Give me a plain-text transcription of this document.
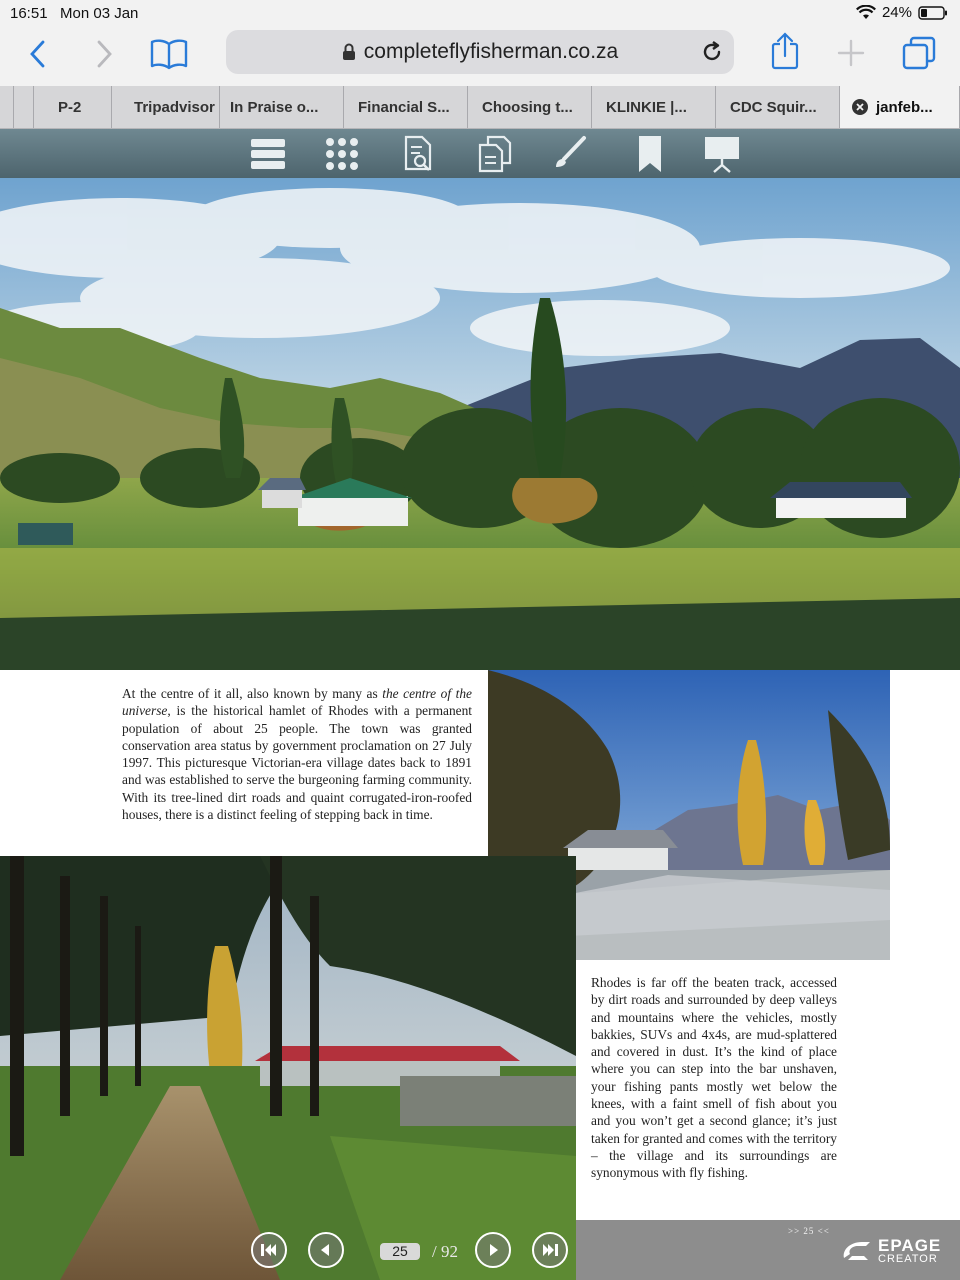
16:51 Mon 03 Jan	24%
completeflyfisherman.co.za
P-2	Tripadvisor In Praise o...	Financial S... Choosing t... KLINKIE |...	CDC Squir...	janfeb...

At the centre of it all, also known by many as the centre of the universe, is the historical hamlet of Rhodes with a permanent population of about 25 people. The town was granted conservation area status by government proclamation on 27 July 1997. This picturesque Victorian-era village dates back to 1891 and was established to serve the burgeoning farming community. With its tree-lined dirt roads and quaint corrugated-iron-roofed houses, there is a distinct feeling of stepping back in time.

Rhodes is far off the beaten track, accessed by dirt roads and surrounded by deep valleys and mountains where the vehicles, mostly bakkies, SUVs and 4x4s, are mud-splattered and covered in dust. It’s the kind of place where you can step into the bar unshaven, your fishing pants mostly wet below the knees, with a faint smell of fish about you and you won’t get a second glance; it’s just taken for granted and comes with the territory – the village and its surroundings are synonymous with fly fishing.

>> 25 <<
EPAGE
CREATOR
25	/ 92
